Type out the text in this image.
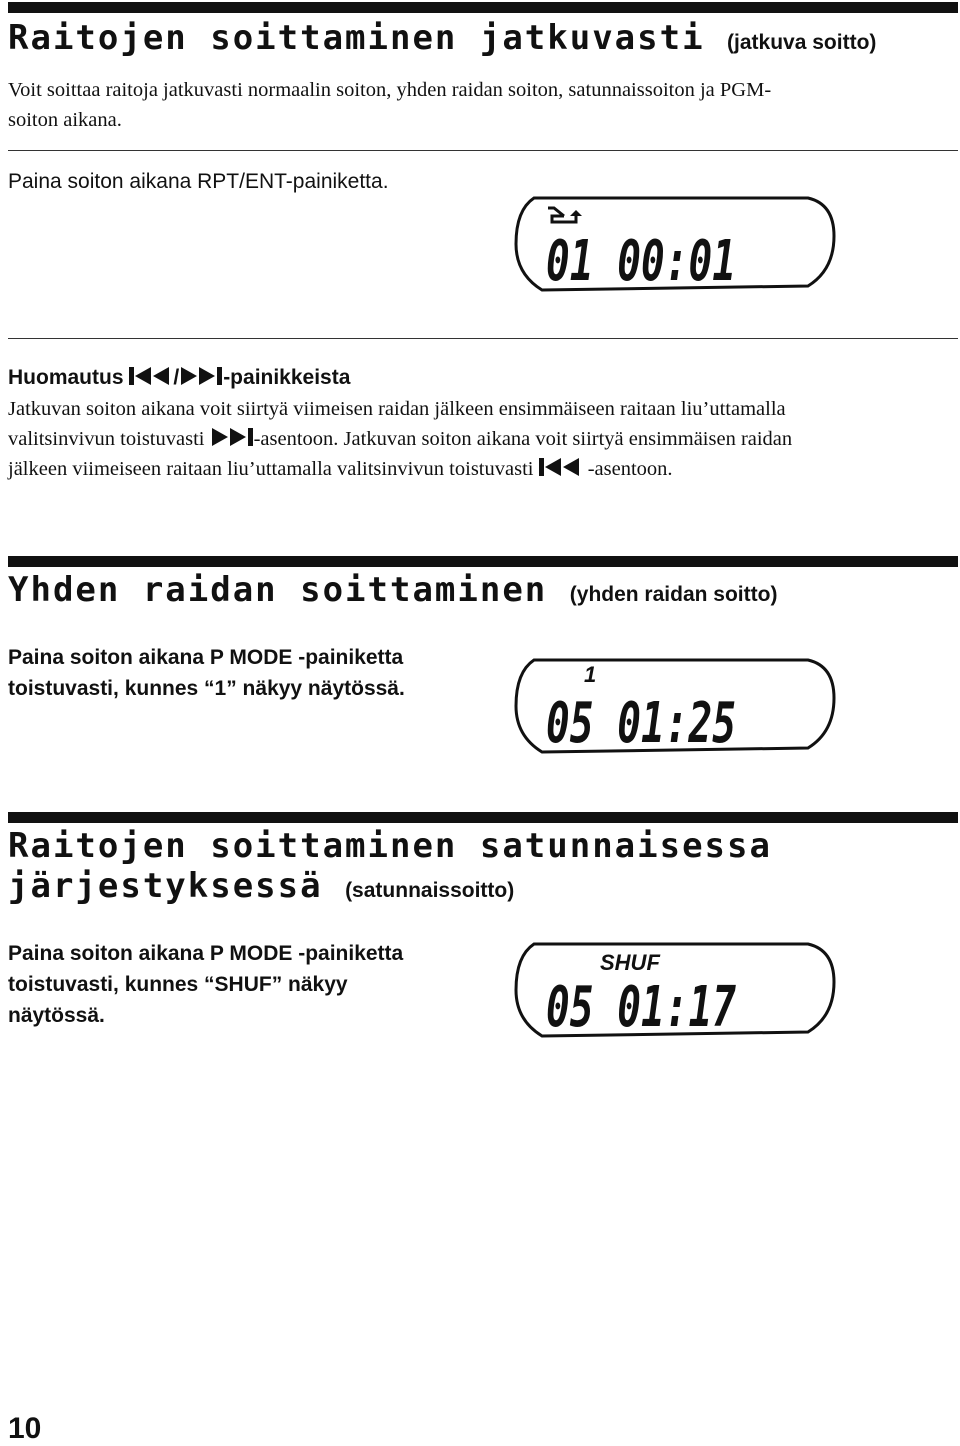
Raitojen soittaminen jatkuvasti (jatkuva soitto)
Voit soittaa raitoja jatkuvasti normaalin soiton, yhden raidan soiton, satunnaissoiton ja PGM-
soiton aikana.
Paina soiton aikana RPT/ENT-painiketta.
01 00:01
Huomautus / -painikkeista
Jatkuvan soiton aikana voit siirtyä viimeisen raidan jälkeen ensimmäiseen raitaan liu’uttamalla
valitsinvivun toistuvasti -asentoon. Jatkuvan soiton aikana voit siirtyä ensimmäisen raidan
jälkeen viimeiseen raitaan liu’uttamalla valitsinvivun toistuvasti  -asentoon.
Yhden raidan soittaminen (yhden raidan soitto)
Paina soiton aikana P MODE -painiketta
toistuvasti, kunnes “1” näkyy näytössä.
1
05 01:25
Raitojen soittaminen satunnaisessa
järjestyksessä (satunnaissoitto)
Paina soiton aikana P MODE -painiketta
toistuvasti, kunnes “SHUF” näkyy
näytössä.
SHUF
05 01:17
10
